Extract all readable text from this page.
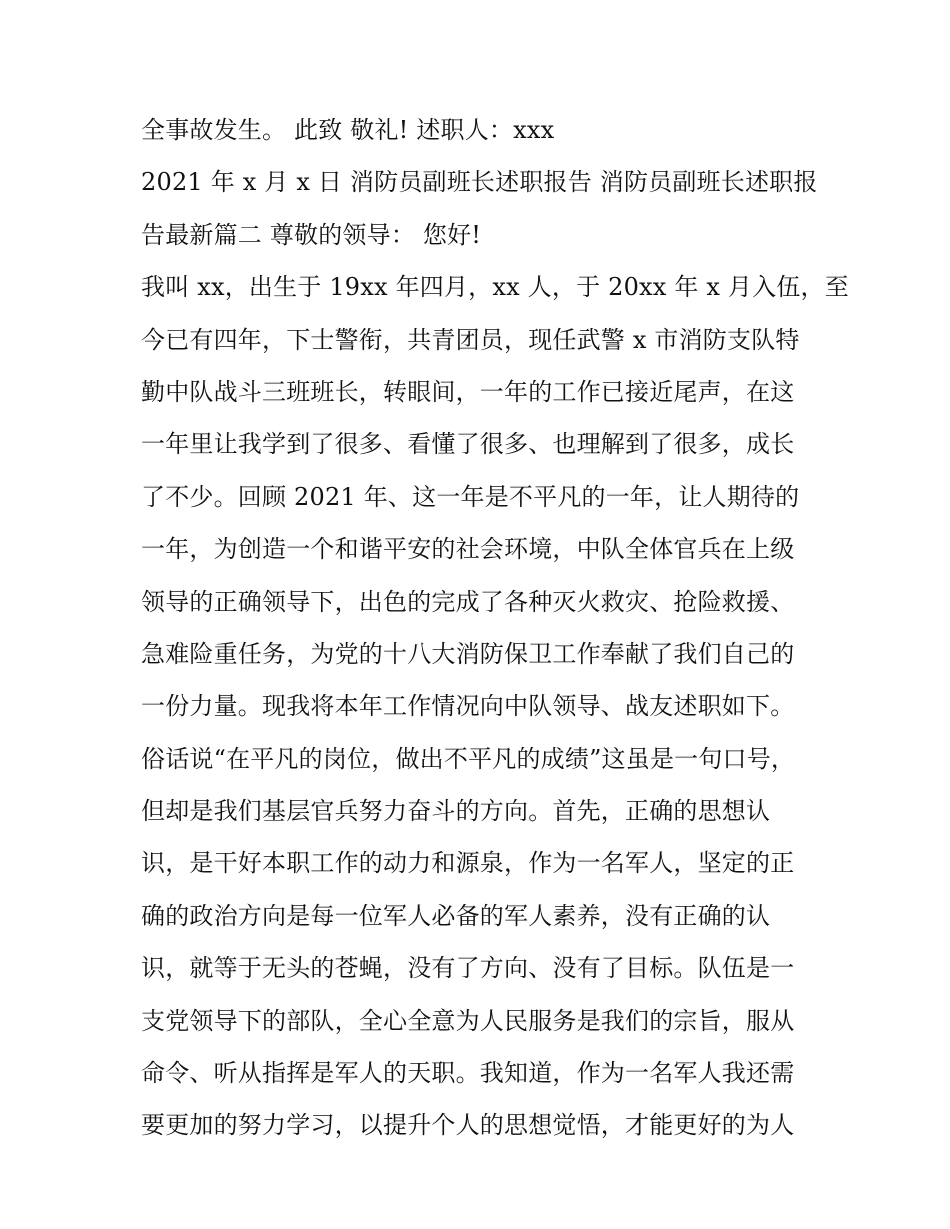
全事故发生。 此致 敬礼! 述职人：xxx
2021 年 x 月 x 日 消防员副班长述职报告 消防员副班长述职报
告最新篇二 尊敬的领导： 您好!
我叫 xx，出生于 19xx 年四月，xx 人，于 20xx 年 x 月入伍，至
今已有四年，下士警衔，共青团员，现任武警 x 市消防支队特
勤中队战斗三班班长，转眼间，一年的工作已接近尾声，在这
一年里让我学到了很多、看懂了很多、也理解到了很多，成长
了不少。回顾 2021 年、这一年是不平凡的一年，让人期待的
一年，为创造一个和谐平安的社会环境，中队全体官兵在上级
领导的正确领导下，出色的完成了各种灭火救灾、抢险救援、
急难险重任务，为党的十八大消防保卫工作奉献了我们自己的
一份力量。现我将本年工作情况向中队领导、战友述职如下。
俗话说“在平凡的岗位，做出不平凡的成绩”这虽是一句口号，
但却是我们基层官兵努力奋斗的方向。首先，正确的思想认
识，是干好本职工作的动力和源泉，作为一名军人，坚定的正
确的政治方向是每一位军人必备的军人素养，没有正确的认
识，就等于无头的苍蝇，没有了方向、没有了目标。队伍是一
支党领导下的部队，全心全意为人民服务是我们的宗旨，服从
命令、听从指挥是军人的天职。我知道，作为一名军人我还需
要更加的努力学习，以提升个人的思想觉悟，才能更好的为人
